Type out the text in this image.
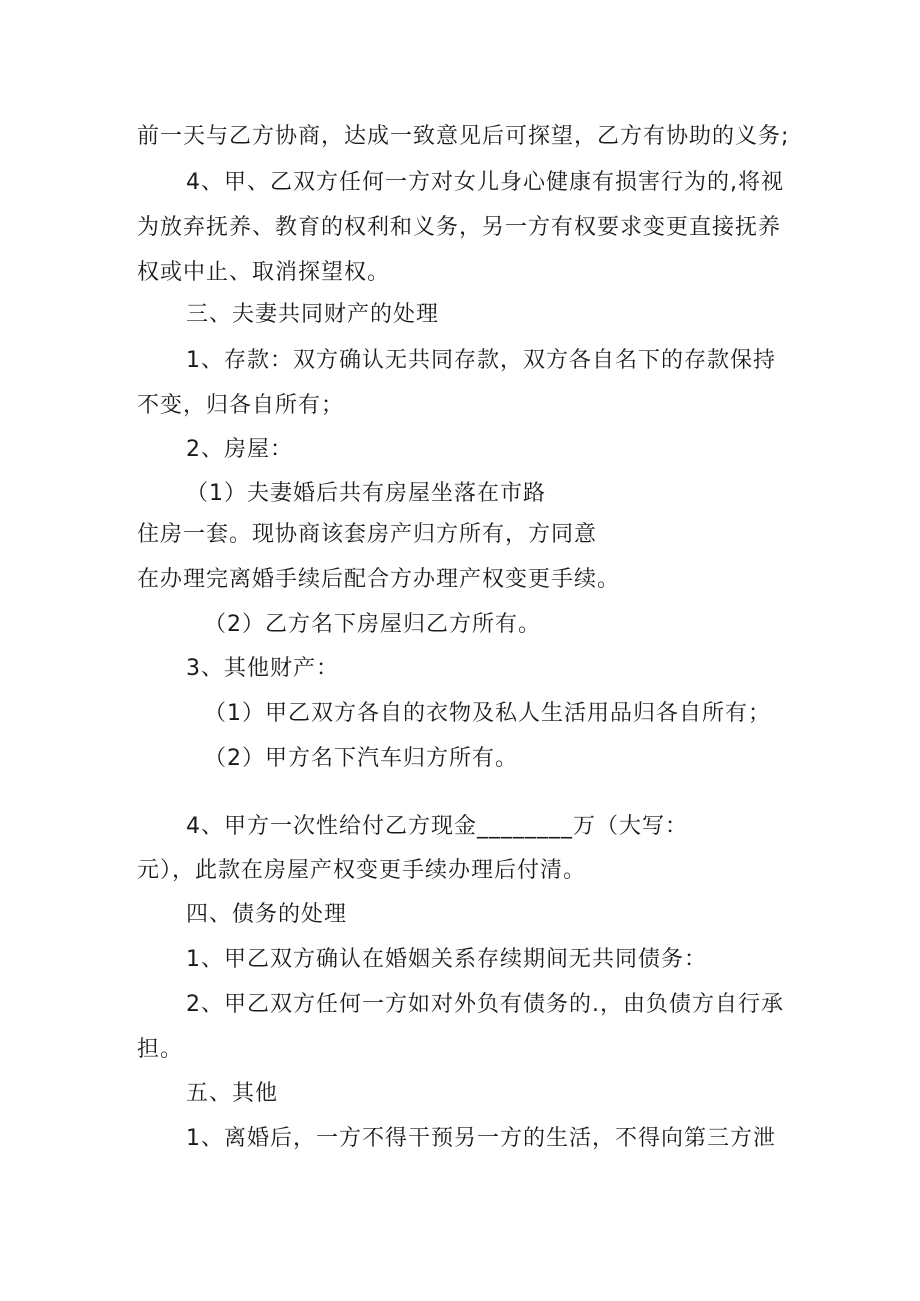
前一天与乙方协商，达成一致意见后可探望，乙方有协助的义务;
4、甲、乙双方任何一方对女儿身心健康有损害行为的,将视
为放弃抚养、教育的权利和义务，另一方有权要求变更直接抚养
权或中止、取消探望权。
三、夫妻共同财产的处理
1、存款：双方确认无共同存款，双方各自名下的存款保持
不变，归各自所有；
2、房屋：
（1）夫妻婚后共有房屋坐落在市路
住房一套。现协商该套房产归方所有，方同意
在办理完离婚手续后配合方办理产权变更手续。
（2）乙方名下房屋归乙方所有。
3、其他财产：
（1）甲乙双方各自的衣物及私人生活用品归各自所有；
（2）甲方名下汽车归方所有。
4、甲方一次性给付乙方现金________万（大写：
元），此款在房屋产权变更手续办理后付清。
四、债务的处理
1、甲乙双方确认在婚姻关系存续期间无共同债务：
2、甲乙双方任何一方如对外负有债务的.，由负债方自行承
担。
五、其他
1、离婚后，一方不得干预另一方的生活，不得向第三方泄
